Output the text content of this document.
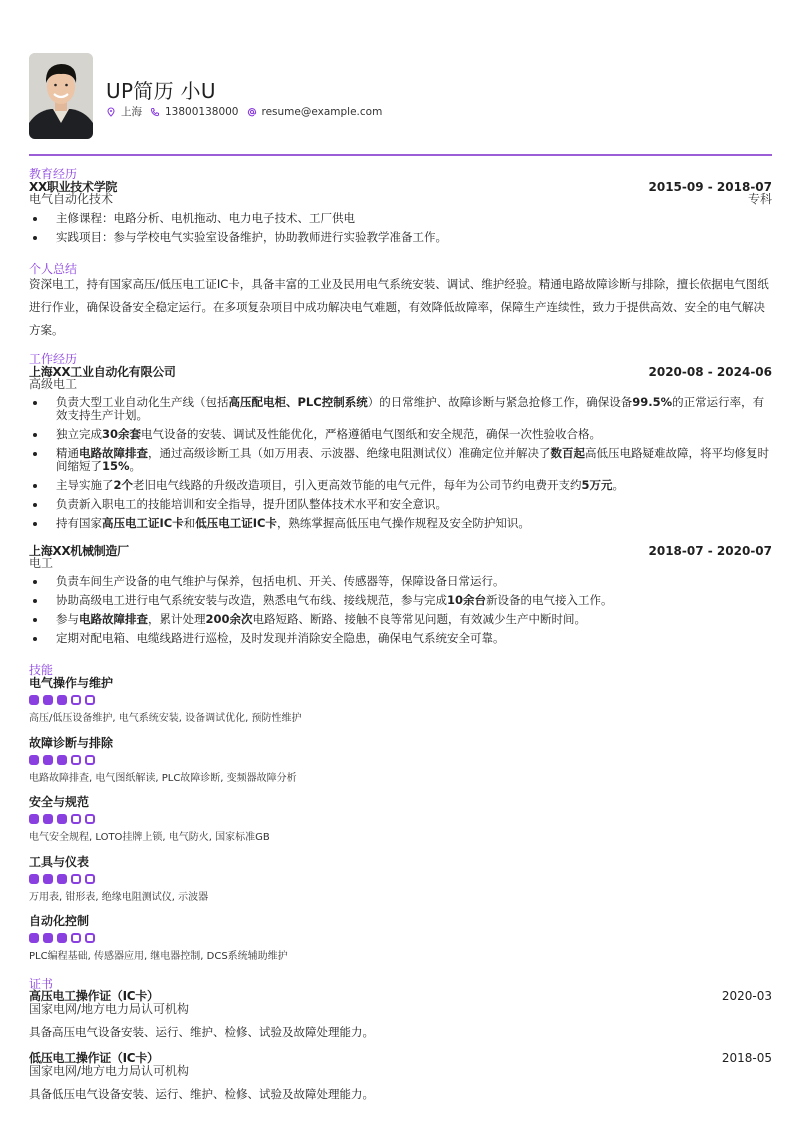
UP简历 小U
上海 13800138000 resume@example.com
教育经历
XX职业技术学院	2015-09 - 2018-07
电气自动化技术	专科
主修课程：电路分析、电机拖动、电力电子技术、工厂供电
实践项目：参与学校电气实验室设备维护，协助教师进行实验教学准备工作。
个人总结
资深电工，持有国家高压/低压电工证IC卡，具备丰富的工业及民用电气系统安装、调试、维护经验。精通电路故障诊断与排除，擅长依据电气图纸进行作业，确保设备安全稳定运行。在多项复杂项目中成功解决电气难题，有效降低故障率，保障生产连续性，致力于提供高效、安全的电气解决方案。
工作经历
上海XX工业自动化有限公司	2020-08 - 2024-06
高级电工
负责大型工业自动化生产线（包括高压配电柜、PLC控制系统）的日常维护、故障诊断与紧急抢修工作，确保设备99.5%的正常运行率，有效支持生产计划。
独立完成30余套电气设备的安装、调试及性能优化，严格遵循电气图纸和安全规范，确保一次性验收合格。
精通电路故障排查，通过高级诊断工具（如万用表、示波器、绝缘电阻测试仪）准确定位并解决了数百起高低压电路疑难故障，将平均修复时间缩短了15%。
主导实施了2个老旧电气线路的升级改造项目，引入更高效节能的电气元件，每年为公司节约电费开支约5万元。
负责新入职电工的技能培训和安全指导，提升团队整体技术水平和安全意识。
持有国家高压电工证IC卡和低压电工证IC卡，熟练掌握高低压电气操作规程及安全防护知识。
上海XX机械制造厂	2018-07 - 2020-07
电工
负责车间生产设备的电气维护与保养，包括电机、开关、传感器等，保障设备日常运行。
协助高级电工进行电气系统安装与改造，熟悉电气布线、接线规范，参与完成10余台新设备的电气接入工作。
参与电路故障排查，累计处理200余次电路短路、断路、接触不良等常见问题，有效减少生产中断时间。
定期对配电箱、电缆线路进行巡检，及时发现并消除安全隐患，确保电气系统安全可靠。
技能
电气操作与维护
高压/低压设备维护, 电气系统安装, 设备调试优化, 预防性维护
故障诊断与排除
电路故障排查, 电气图纸解读, PLC故障诊断, 变频器故障分析
安全与规范
电气安全规程, LOTO挂牌上锁, 电气防火, 国家标准GB
工具与仪表
万用表, 钳形表, 绝缘电阻测试仪, 示波器
自动化控制
PLC编程基础, 传感器应用, 继电器控制, DCS系统辅助维护
证书
高压电工操作证（IC卡）	2020-03
国家电网/地方电力局认可机构
具备高压电气设备安装、运行、维护、检修、试验及故障处理能力。
低压电工操作证（IC卡）	2018-05
国家电网/地方电力局认可机构
具备低压电气设备安装、运行、维护、检修、试验及故障处理能力。
